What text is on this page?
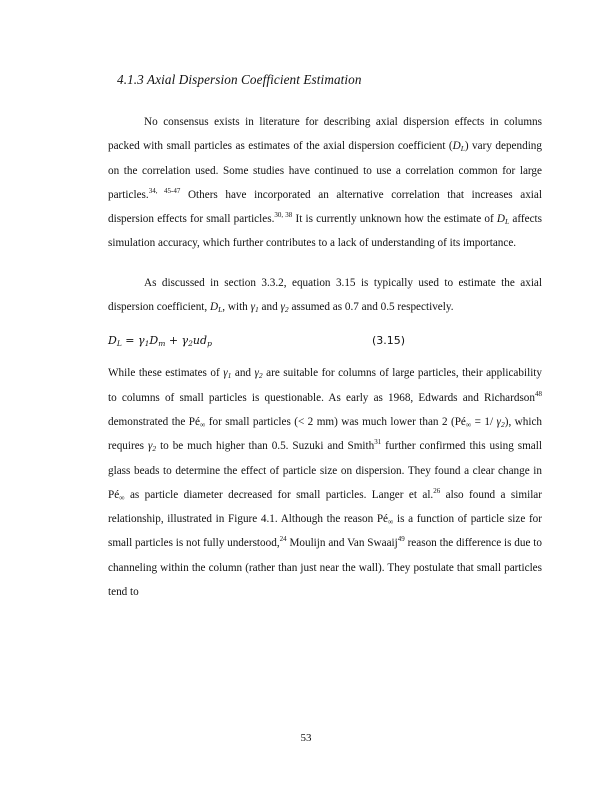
4.1.3 Axial Dispersion Coefficient Estimation

No consensus exists in literature for describing axial dispersion effects in columns packed with small particles as estimates of the axial dispersion coefficient $(D_L)$ vary depending on the correlation used. Some studies have continued to use a correlation common for large particles.$^{34, 45-47}$ Others have incorporated an alternative correlation that increases axial dispersion effects for small particles.$^{30, 38}$ It is currently unknown how the estimate of $D_L$ affects simulation accuracy, which further contributes to a lack of understanding of its importance.

As discussed in section 3.3.2, equation 3.15 is typically used to estimate the axial dispersion coefficient, $D_L$, with $\gamma_1$ and $\gamma_2$ assumed as 0.7 and 0.5 respectively.

$D_L = \gamma_1D_m + \gamma_2ud_p$	(3.15)

While these estimates of $\gamma_1$ and $\gamma_2$ are suitable for columns of large particles, their applicability to columns of small particles is questionable. As early as 1968, Edwards and Richardson$^{48}$ demonstrated the $Pé_\infty$ for small particles (< 2 mm) was much lower than 2 ($Pé_\infty = 1/$ $\gamma_2$), which requires $\gamma_2$ to be much higher than 0.5. Suzuki and Smith$^{31}$ further confirmed this using small glass beads to determine the effect of particle size on dispersion. They found a clear change in $Pé_\infty$ as particle diameter decreased for small particles. Langer et al.$^{26}$ also found a similar relationship, illustrated in Figure 4.1. Although the reason $Pé_\infty$ is a function of particle size for small particles is not fully understood,$^{24}$ Moulijn and Van Swaaij$^{49}$ reason the difference is due to channeling within the column (rather than just near the wall). They postulate that small particles tend to

53
